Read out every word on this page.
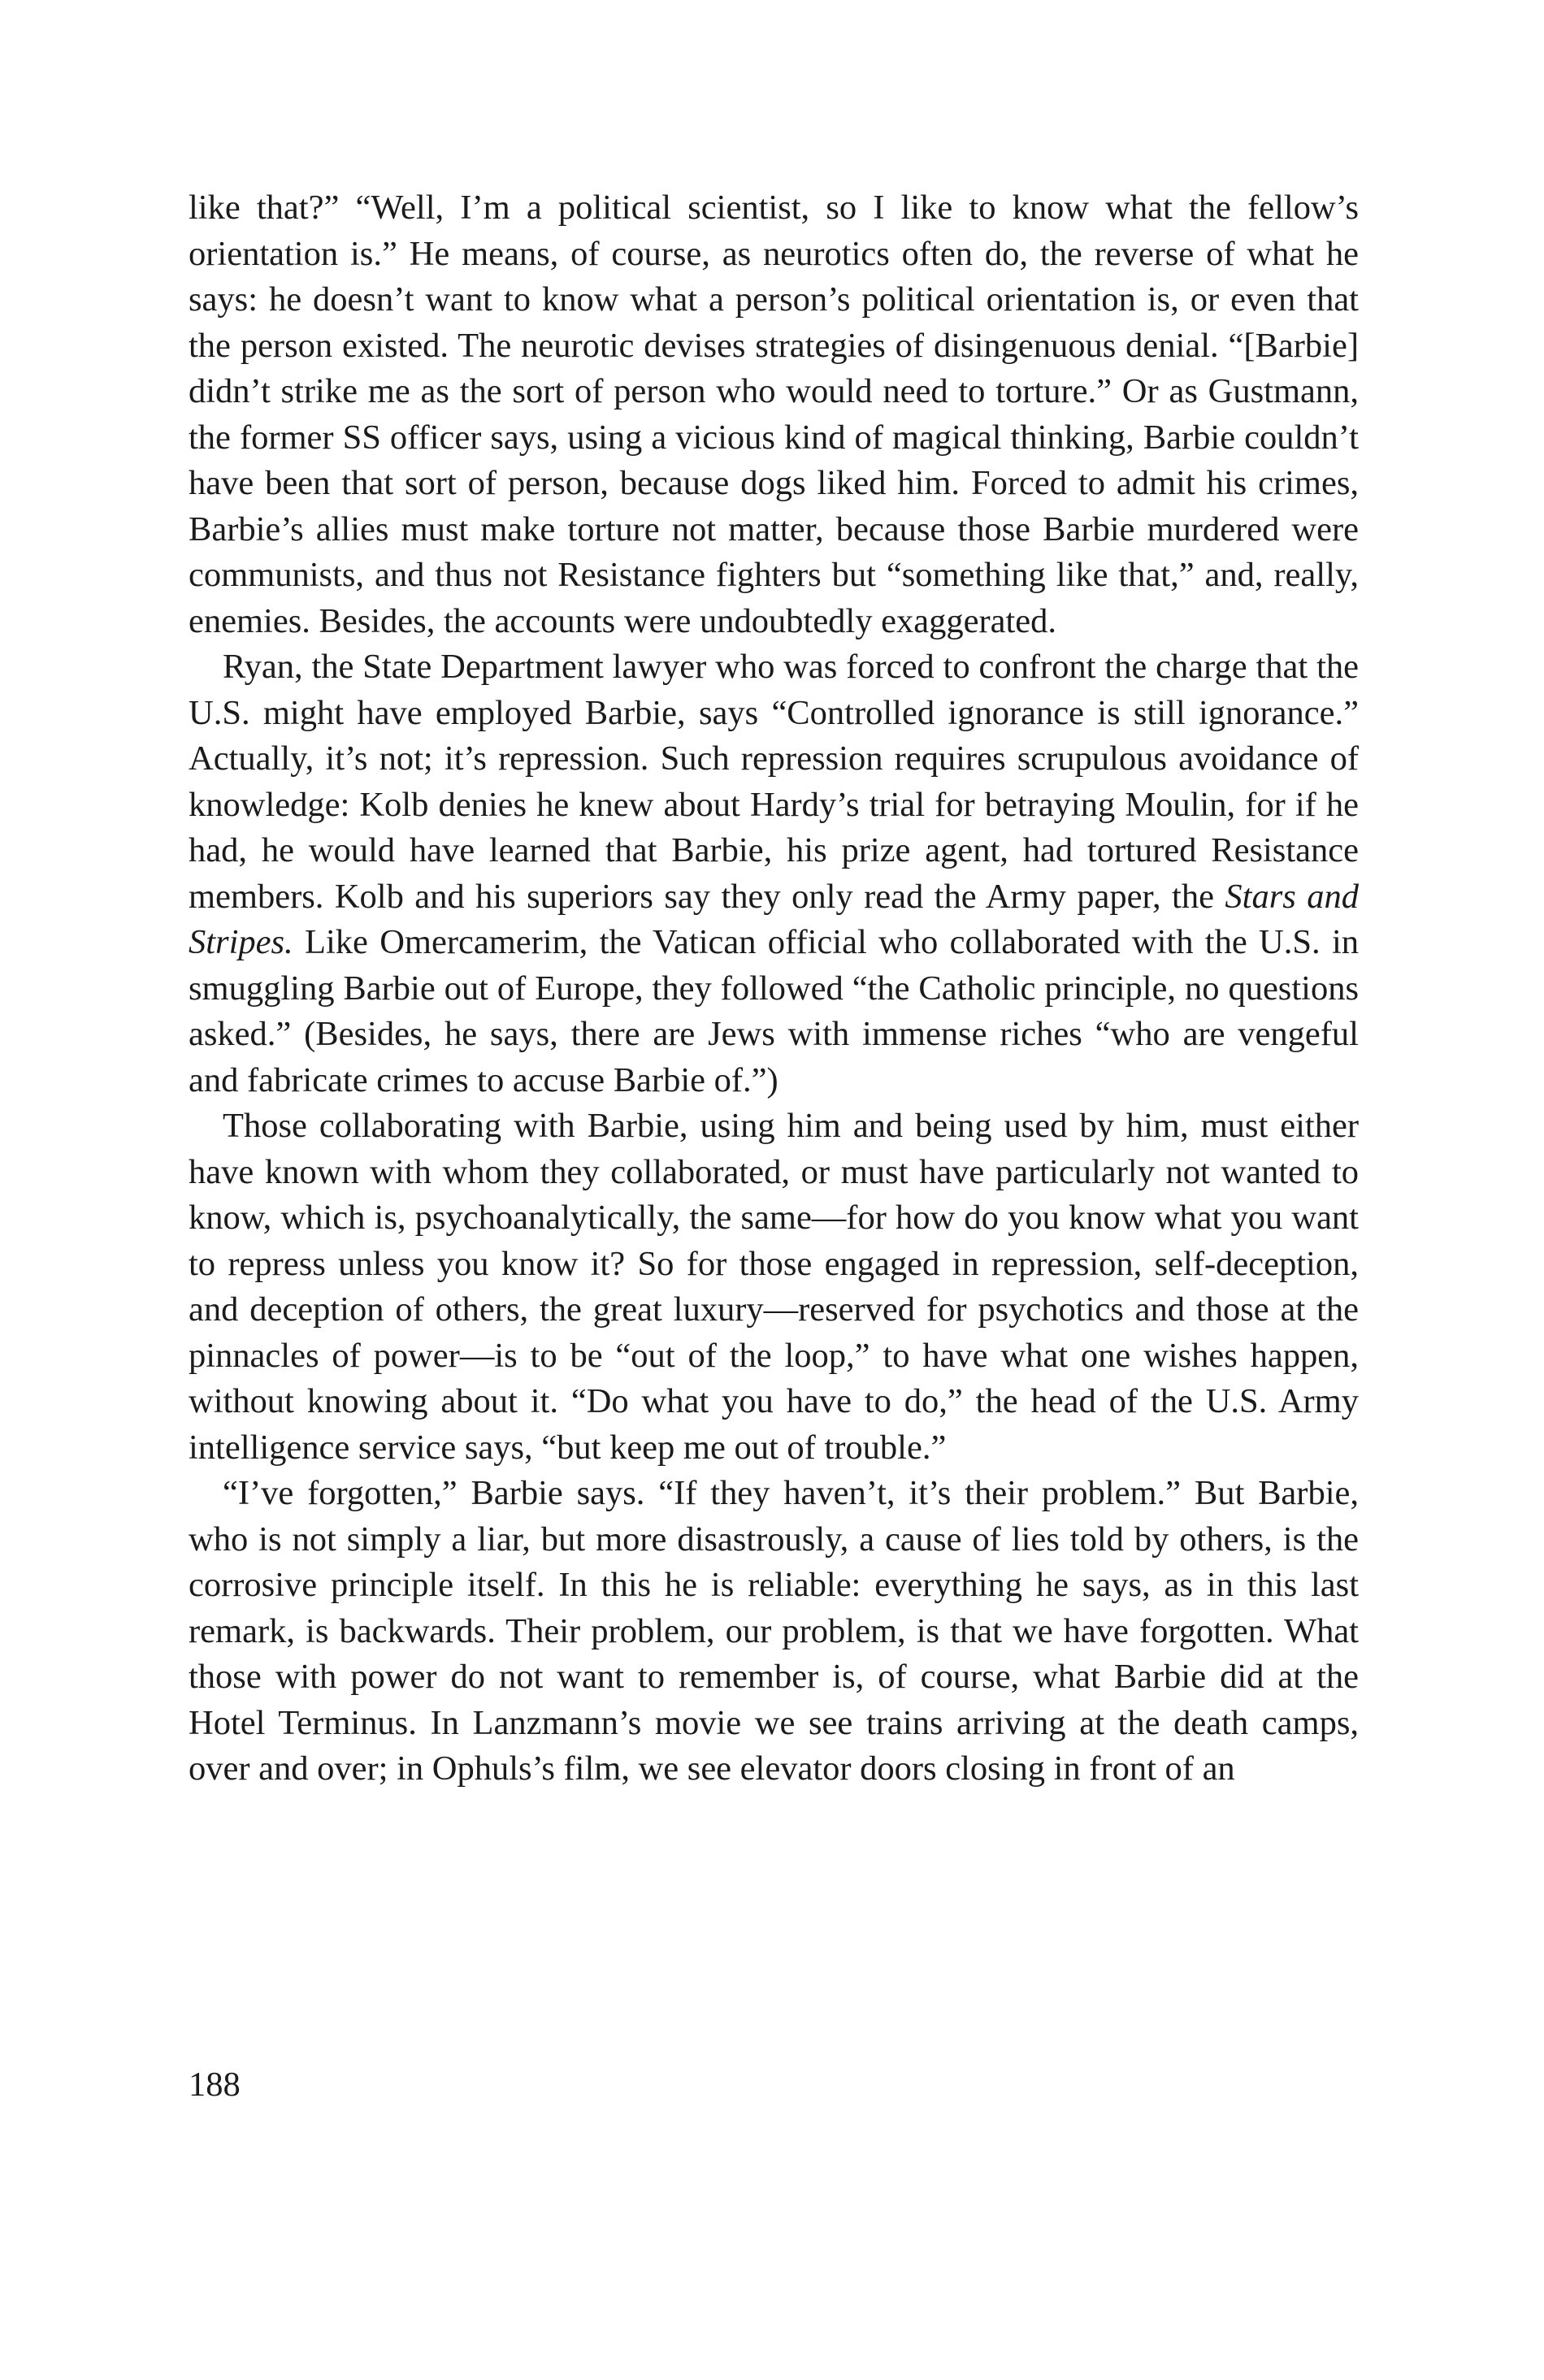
like that?” “Well, I’m a political scientist, so I like to know what the fellow’s orientation is.” He means, of course, as neurotics often do, the reverse of what he says: he doesn’t want to know what a person’s political orientation is, or even that the person existed. The neurotic devises strategies of disingenuous denial. “[Barbie] didn’t strike me as the sort of person who would need to torture.” Or as Gustmann, the former SS officer says, using a vicious kind of magical thinking, Barbie couldn’t have been that sort of person, because dogs liked him. Forced to admit his crimes, Barbie’s allies must make torture not matter, because those Barbie murdered were communists, and thus not Resistance fighters but “something like that,” and, really, enemies. Besides, the accounts were undoubtedly exaggerated.

Ryan, the State Department lawyer who was forced to confront the charge that the U.S. might have employed Barbie, says “Controlled ignorance is still ignorance.” Actually, it’s not; it’s repression. Such repression requires scrupulous avoidance of knowledge: Kolb denies he knew about Hardy’s trial for betraying Moulin, for if he had, he would have learned that Barbie, his prize agent, had tortured Resistance members. Kolb and his superiors say they only read the Army paper, the Stars and Stripes. Like Omercamerim, the Vatican official who collaborated with the U.S. in smuggling Barbie out of Europe, they followed “the Catholic principle, no questions asked.” (Besides, he says, there are Jews with immense riches “who are vengeful and fabricate crimes to accuse Barbie of.”)

Those collaborating with Barbie, using him and being used by him, must either have known with whom they collaborated, or must have particularly not wanted to know, which is, psychoanalytically, the same—for how do you know what you want to repress unless you know it? So for those engaged in repression, self-deception, and deception of others, the great luxury—reserved for psychotics and those at the pinnacles of power—is to be “out of the loop,” to have what one wishes happen, without knowing about it. “Do what you have to do,” the head of the U.S. Army intelligence service says, “but keep me out of trouble.”

“I’ve forgotten,” Barbie says. “If they haven’t, it’s their problem.” But Barbie, who is not simply a liar, but more disastrously, a cause of lies told by others, is the corrosive principle itself. In this he is reliable: everything he says, as in this last remark, is backwards. Their problem, our problem, is that we have forgotten. What those with power do not want to remember is, of course, what Barbie did at the Hotel Terminus. In Lanzmann’s movie we see trains arriving at the death camps, over and over; in Ophuls’s film, we see elevator doors closing in front of an

188
